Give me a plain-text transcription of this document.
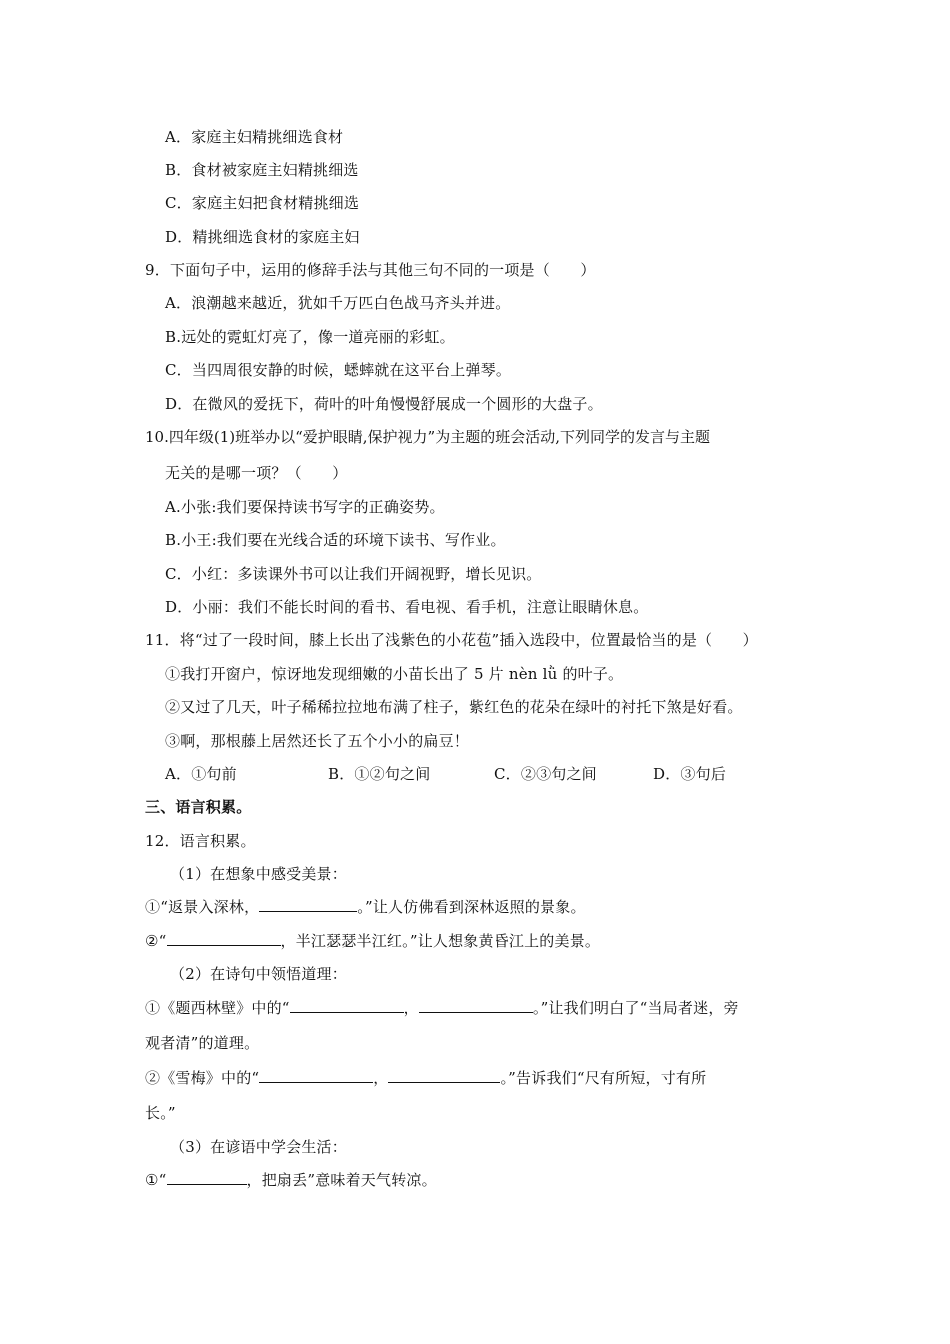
A．家庭主妇精挑细选食材
B．食材被家庭主妇精挑细选
C．家庭主妇把食材精挑细选
D．精挑细选食材的家庭主妇
9．下面句子中，运用的修辞手法与其他三句不同的一项是（　　）
A．浪潮越来越近，犹如千万匹白色战马齐头并进。
B.远处的霓虹灯亮了，像一道亮丽的彩虹。
C．当四周很安静的时候，蟋蟀就在这平台上弹琴。
D．在微风的爱抚下，荷叶的叶角慢慢舒展成一个圆形的大盘子。
10.四年级(1)班举办以“爱护眼睛,保护视力”为主题的班会活动,下列同学的发言与主题
无关的是哪一项？（　　）
A.小张:我们要保持读书写字的正确姿势。
B.小王:我们要在光线合适的环境下读书、写作业。
C．小红：多读课外书可以让我们开阔视野，增长见识。
D．小丽：我们不能长时间的看书、看电视、看手机，注意让眼睛休息。
11．将“过了一段时间，膝上长出了浅紫色的小花苞”插入选段中，位置最恰当的是（　　）
①我打开窗户，惊讶地发现细嫩的小苗长出了 5 片 nèn lǜ 的叶子。
②又过了几天，叶子稀稀拉拉地布满了柱子，紫红色的花朵在绿叶的衬托下煞是好看。
③啊，那根藤上居然还长了五个小小的扁豆！
A．①句前	B．①②句之间	C．②③句之间	D．③句后
三、语言积累。
12．语言积累。
（1）在想象中感受美景：
①“返景入深林，	。”让人仿佛看到深林返照的景象。
②“	，半江瑟瑟半江红。”让人想象黄昏江上的美景。
（2）在诗句中领悟道理：
①《题西林壁》中的“	，	。”让我们明白了“当局者迷，旁
观者清”的道理。
②《雪梅》中的“	，	。”告诉我们“尺有所短，寸有所
长。”
（3）在谚语中学会生活：
①“	，把扇丢”意味着天气转凉。
